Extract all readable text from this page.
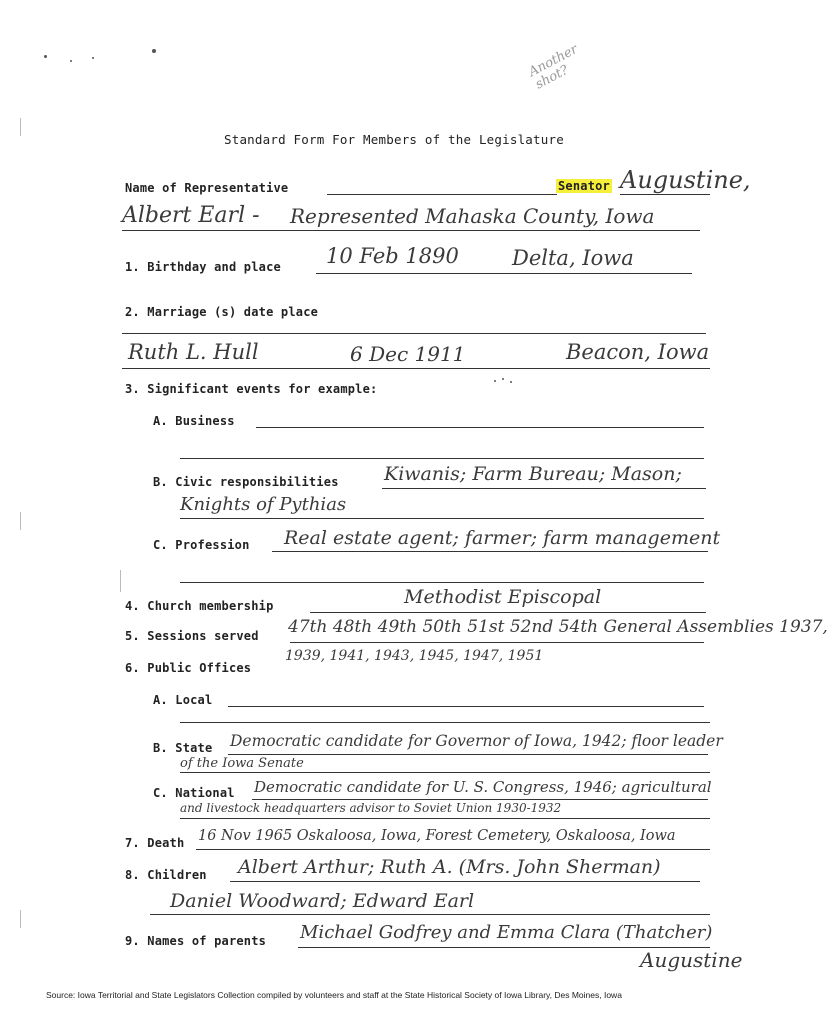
Another shot?
Standard Form For Members of the Legislature
Name of Representative	Senator Augustine,
Albert Earl - Represented Mahaska County, Iowa
1. Birthday and place 10 Feb 1890	Delta, Iowa
2. Marriage (s) date place
Ruth L. Hull	6 Dec 1911	Beacon, Iowa
3. Significant events for example:
A. Business
B. Civic responsibilities Kiwanis; Farm Bureau; Mason;
Knights of Pythias
C. Profession Real estate agent; farmer; farm management
4. Church membership	Methodist Episcopal
5. Sessions served 47th 48th 49th 50th 51st 52nd 54th General Assemblies 1937,
1939, 1941, 1943, 1945, 1947, 1951
6. Public Offices
A. Local
B. State Democratic candidate for Governor of Iowa, 1942; floor leader
of the Iowa Senate
C. National Democratic candidate for U. S. Congress, 1946; agricultural
and livestock headquarters advisor to Soviet Union 1930-1932
7. Death 16 Nov 1965 Oskaloosa, Iowa, Forest Cemetery, Oskaloosa, Iowa
8. Children Albert Arthur; Ruth A. (Mrs. John Sherman)
Daniel Woodward; Edward Earl
9. Names of parents Michael Godfrey and Emma Clara (Thatcher)
Augustine
Source: Iowa Territorial and State Legislators Collection compiled by volunteers and staff at the State Historical Society of Iowa Library, Des Moines, Iowa
